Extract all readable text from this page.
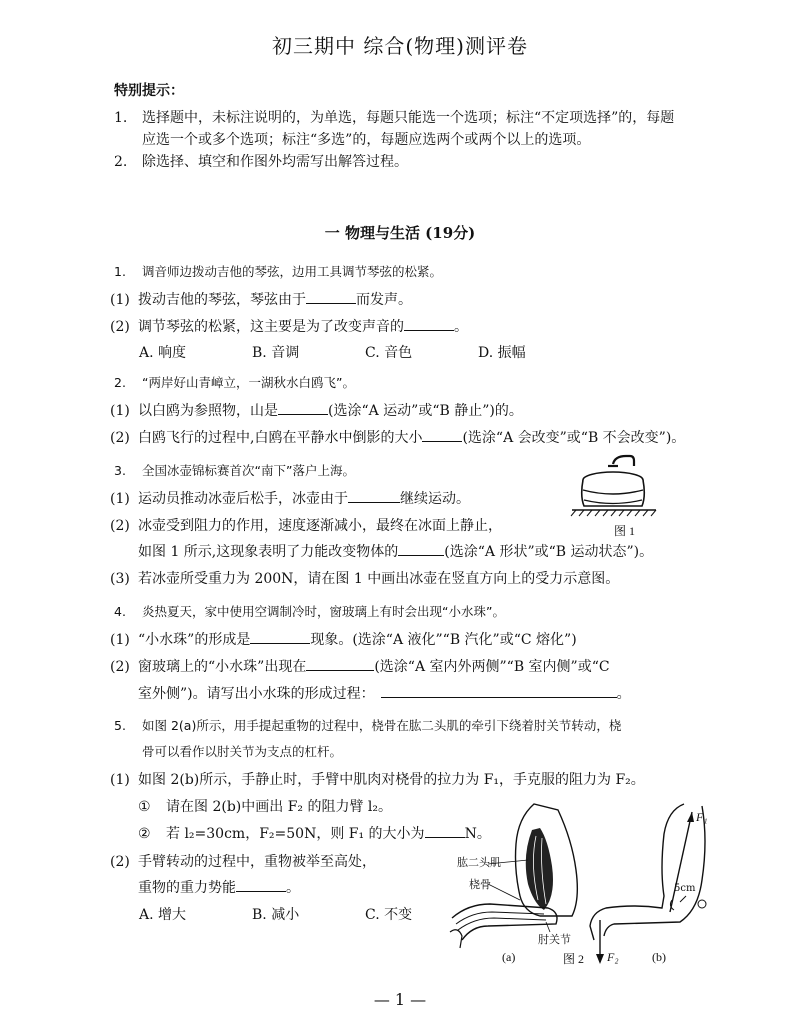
初三期中 综合(物理)测评卷
特别提示：
1. 选择题中，未标注说明的，为单选，每题只能选一个选项；标注“不定项选择”的，每题
应选一个或多个选项；标注“多选”的，每题应选两个或两个以上的选项。
2. 除选择、填空和作图外均需写出解答过程。
一 物理与生活 (19分)
1. 调音师边拨动吉他的琴弦，边用工具调节琴弦的松紧。
(1) 拨动吉他的琴弦，琴弦由于	而发声。
(2) 调节琴弦的松紧，这主要是为了改变声音的	。
A. 响度	B. 音调	C. 音色	D. 振幅
2. “两岸好山青嶂立，一湖秋水白鸥飞”。
(1) 以白鸥为参照物，山是	(选涂“A 运动”或“B 静止”)的。
(2) 白鸥飞行的过程中,白鸥在平静水中倒影的大小	(选涂“A 会改变”或“B 不会改变”)。
3. 全国冰壶锦标赛首次“南下”落户上海。
(1) 运动员推动冰壶后松手，冰壶由于	继续运动。
(2) 冰壶受到阻力的作用，速度逐渐减小，最终在冰面上静止，
如图 1 所示,这现象表明了力能改变物体的	(选涂“A 形状”或“B 运动状态”)。
(3) 若冰壶所受重力为 200N，请在图 1 中画出冰壶在竖直方向上的受力示意图。
图 1
4. 炎热夏天，家中使用空调制冷时，窗玻璃上有时会出现“小水珠”。
(1) “小水珠”的形成是	现象。(选涂“A 液化”“B 汽化”或“C 熔化”)
(2) 窗玻璃上的“小水珠”出现在	(选涂“A 室内外两侧”“B 室内侧”或“C
室外侧”)。请写出小水珠的形成过程：	。
5. 如图 2(a)所示，用手提起重物的过程中，桡骨在肱二头肌的牵引下绕着肘关节转动，桡
骨可以看作以肘关节为支点的杠杆。
(1) 如图 2(b)所示，手静止时，手臂中肌肉对桡骨的拉力为 F₁，手克服的阻力为 F₂。
① 请在图 2(b)中画出 F₂ 的阻力臂 l₂。
② 若 l₂=30cm，F₂=50N，则 F₁ 的大小为	N。
(2) 手臂转动的过程中，重物被举至高处，
重物的重力势能	。
A. 增大	B. 减小	C. 不变
肱二头肌
桡骨
肘关节
(a)	图 2
F₁
5cm
F₂	(b)
— 1 —
